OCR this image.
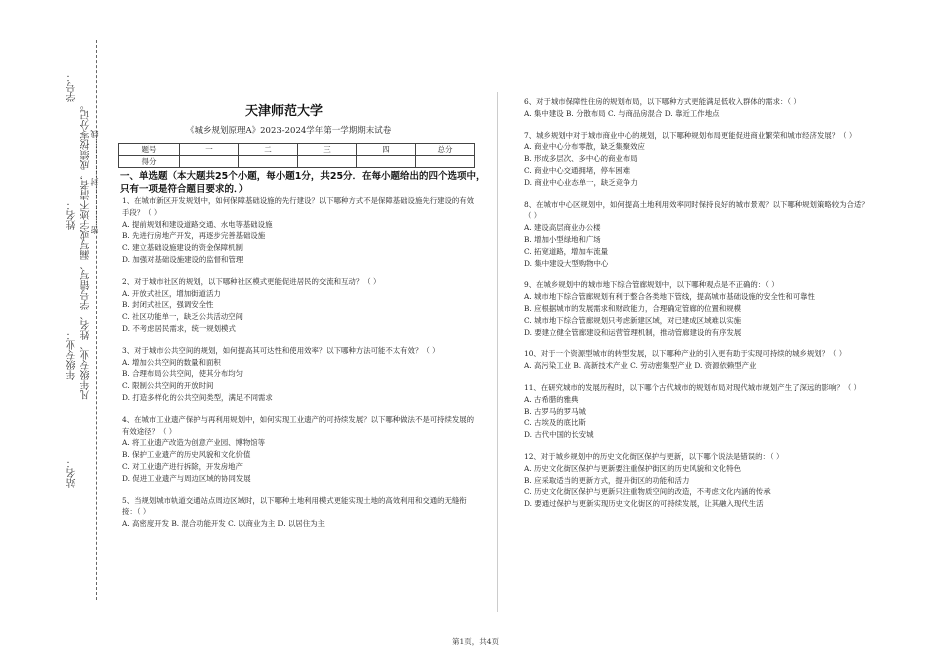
学号：
姓名：
年级专业：
站名：
凡年级专业、姓名、学号错写、漏写或字迹不清者，成绩按零分记。
密……………封……………线
天津师范大学
《城乡规划原理A》2023-2024学年第一学期期末试卷
题号	一	二	三	四	总分
得分					
一、单选题（本大题共25个小题，每小题1分，共25分．在每小题给出的四个选项中，只有一项是符合题目要求的．）
1、在城市新区开发规划中，如何保障基础设施的先行建设？以下哪种方式不是保障基础设施先行建设的有效手段？（ ）
A. 提前规划和建设道路交通、水电等基础设施
B. 先进行房地产开发，再逐步完善基础设施
C. 建立基础设施建设的资金保障机制
D. 加强对基础设施建设的监督和管理
2、对于城市社区的规划，以下哪种社区模式更能促进居民的交流和互动？（ ）
A. 开放式社区，增加街道活力
B. 封闭式社区，强调安全性
C. 社区功能单一，缺乏公共活动空间
D. 不考虑居民需求，统一规划模式
3、对于城市公共空间的规划，如何提高其可达性和使用效率？以下哪种方法可能不太有效？（ ）
A. 增加公共空间的数量和面积
B. 合理布局公共空间，使其分布均匀
C. 限制公共空间的开放时间
D. 打造多样化的公共空间类型，满足不同需求
4、在城市工业遗产保护与再利用规划中，如何实现工业遗产的可持续发展？以下哪种做法不是可持续发展的有效途径？（ ）
A. 将工业遗产改造为创意产业园、博物馆等
B. 保护工业遗产的历史风貌和文化价值
C. 对工业遗产进行拆除，开发房地产
D. 促进工业遗产与周边区域的协同发展
5、当规划城市轨道交通站点周边区域时，以下哪种土地利用模式更能实现土地的高效利用和交通的无缝衔接：（ ）
A. 高密度开发 B. 混合功能开发 C. 以商业为主 D. 以居住为主
6、对于城市保障性住房的规划布局，以下哪种方式更能满足低收入群体的需求：（ ）
A. 集中建设 B. 分散布局 C. 与商品房混合 D. 靠近工作地点
7、城乡规划中对于城市商业中心的规划，以下哪种规划布局更能促进商业繁荣和城市经济发展？（ ）
A. 商业中心分布零散，缺乏集聚效应
B. 形成多层次、多中心的商业布局
C. 商业中心交通拥堵，停车困难
D. 商业中心业态单一，缺乏竞争力
8、在城市中心区规划中，如何提高土地利用效率同时保持良好的城市景观？以下哪种规划策略较为合适？（ ）
A. 建设高层商业办公楼
B. 增加小型绿地和广场
C. 拓宽道路，增加车流量
D. 集中建设大型购物中心
9、在城乡规划中的城市地下综合管廊规划中，以下哪种观点是不正确的：（ ）
A. 城市地下综合管廊规划有利于整合各类地下管线，提高城市基础设施的安全性和可靠性
B. 应根据城市的发展需求和财政能力，合理确定管廊的位置和规模
C. 城市地下综合管廊规划只考虑新建区域，对已建成区域难以实施
D. 要建立健全管廊建设和运营管理机制，推动管廊建设的有序发展
10、对于一个资源型城市的转型发展，以下哪种产业的引入更有助于实现可持续的城乡规划？（ ）
A. 高污染工业 B. 高新技术产业 C. 劳动密集型产业 D. 资源依赖型产业
11、在研究城市的发展历程时，以下哪个古代城市的规划布局对现代城市规划产生了深远的影响？（ ）
A. 古希腊的雅典
B. 古罗马的罗马城
C. 古埃及的底比斯
D. 古代中国的长安城
12、对于城乡规划中的历史文化街区保护与更新，以下哪个说法是错误的：（ ）
A. 历史文化街区保护与更新要注重保护街区的历史风貌和文化特色
B. 应采取适当的更新方式，提升街区的功能和活力
C. 历史文化街区保护与更新只注重物质空间的改造，不考虑文化内涵的传承
D. 要通过保护与更新实现历史文化街区的可持续发展，让其融入现代生活
第1页，共4页
